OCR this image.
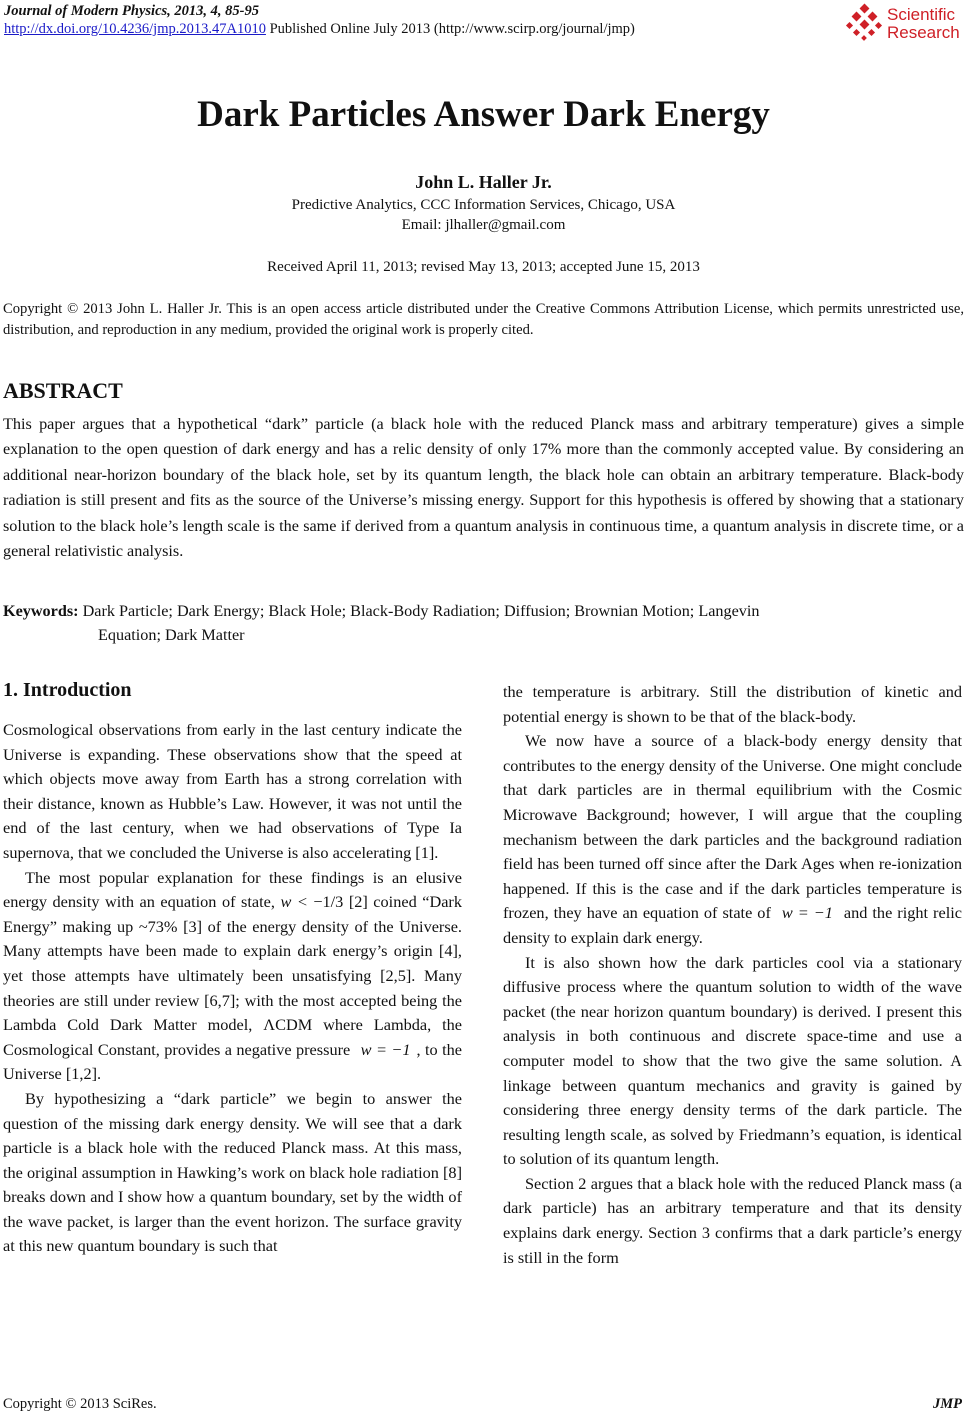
Journal of Modern Physics, 2013, 4, 85-95
http://dx.doi.org/10.4236/jmp.2013.47A1010 Published Online July 2013 (http://www.scirp.org/journal/jmp)
Scientific
Research
Dark Particles Answer Dark Energy
John L. Haller Jr.
Predictive Analytics, CCC Information Services, Chicago, USA
Email: jlhaller@gmail.com
Received April 11, 2013; revised May 13, 2013; accepted June 15, 2013
Copyright © 2013 John L. Haller Jr. This is an open access article distributed under the Creative Commons Attribution License, which permits unrestricted use, distribution, and reproduction in any medium, provided the original work is properly cited.
ABSTRACT
This paper argues that a hypothetical “dark” particle (a black hole with the reduced Planck mass and arbitrary temperature) gives a simple explanation to the open question of dark energy and has a relic density of only 17% more than the commonly accepted value. By considering an additional near-horizon boundary of the black hole, set by its quantum length, the black hole can obtain an arbitrary temperature. Black-body radiation is still present and fits as the source of the Universe’s missing energy. Support for this hypothesis is offered by showing that a stationary solution to the black hole’s length scale is the same if derived from a quantum analysis in continuous time, a quantum analysis in discrete time, or a general relativistic analysis.
Keywords: Dark Particle; Dark Energy; Black Hole; Black-Body Radiation; Diffusion; Brownian Motion; Langevin
Equation; Dark Matter
1. Introduction

Cosmological observations from early in the last century indicate the Universe is expanding. These observations show that the speed at which objects move away from Earth has a strong correlation with their distance, known as Hubble’s Law. However, it was not until the end of the last century, when we had observations of Type Ia supernova, that we concluded the Universe is also accelerating [1].

The most popular explanation for these findings is an elusive energy density with an equation of state, w < −1/3 [2] coined “Dark Energy” making up ~73% [3] of the energy density of the Universe. Many attempts have been made to explain dark energy’s origin [4], yet those attempts have ultimately been unsatisfying [2,5]. Many theories are still under review [6,7]; with the most accepted being the Lambda Cold Dark Matter model, ΛCDM where Lambda, the Cosmological Constant, provides a negative pressure w = −1 , to the Universe [1,2].

By hypothesizing a “dark particle” we begin to answer the question of the missing dark energy density. We will see that a dark particle is a black hole with the reduced Planck mass. At this mass, the original assumption in Hawking’s work on black hole radiation [8] breaks down and I show how a quantum boundary, set by the width of the wave packet, is larger than the event horizon. The surface gravity at this new quantum boundary is such that

the temperature is arbitrary. Still the distribution of kinetic and potential energy is shown to be that of the black-body.

We now have a source of a black-body energy density that contributes to the energy density of the Universe. One might conclude that dark particles are in thermal equilibrium with the Cosmic Microwave Background; however, I will argue that the coupling mechanism between the dark particles and the background radiation field has been turned off since after the Dark Ages when re-ionization happened. If this is the case and if the dark particles temperature is frozen, they have an equation of state of w = −1 and the right relic density to explain dark energy.

It is also shown how the dark particles cool via a stationary diffusive process where the quantum solution to width of the wave packet (the near horizon quantum boundary) is derived. I present this analysis in both continuous and discrete space-time and use a computer model to show that the two give the same solution. A linkage between quantum mechanics and gravity is gained by considering three energy density terms of the dark particle. The resulting length scale, as solved by Friedmann’s equation, is identical to solution of its quantum length.

Section 2 argues that a black hole with the reduced Planck mass (a dark particle) has an arbitrary temperature and that its density explains dark energy. Section 3 confirms that a dark particle’s energy is still in the form

Copyright © 2013 SciRes.	JMP
